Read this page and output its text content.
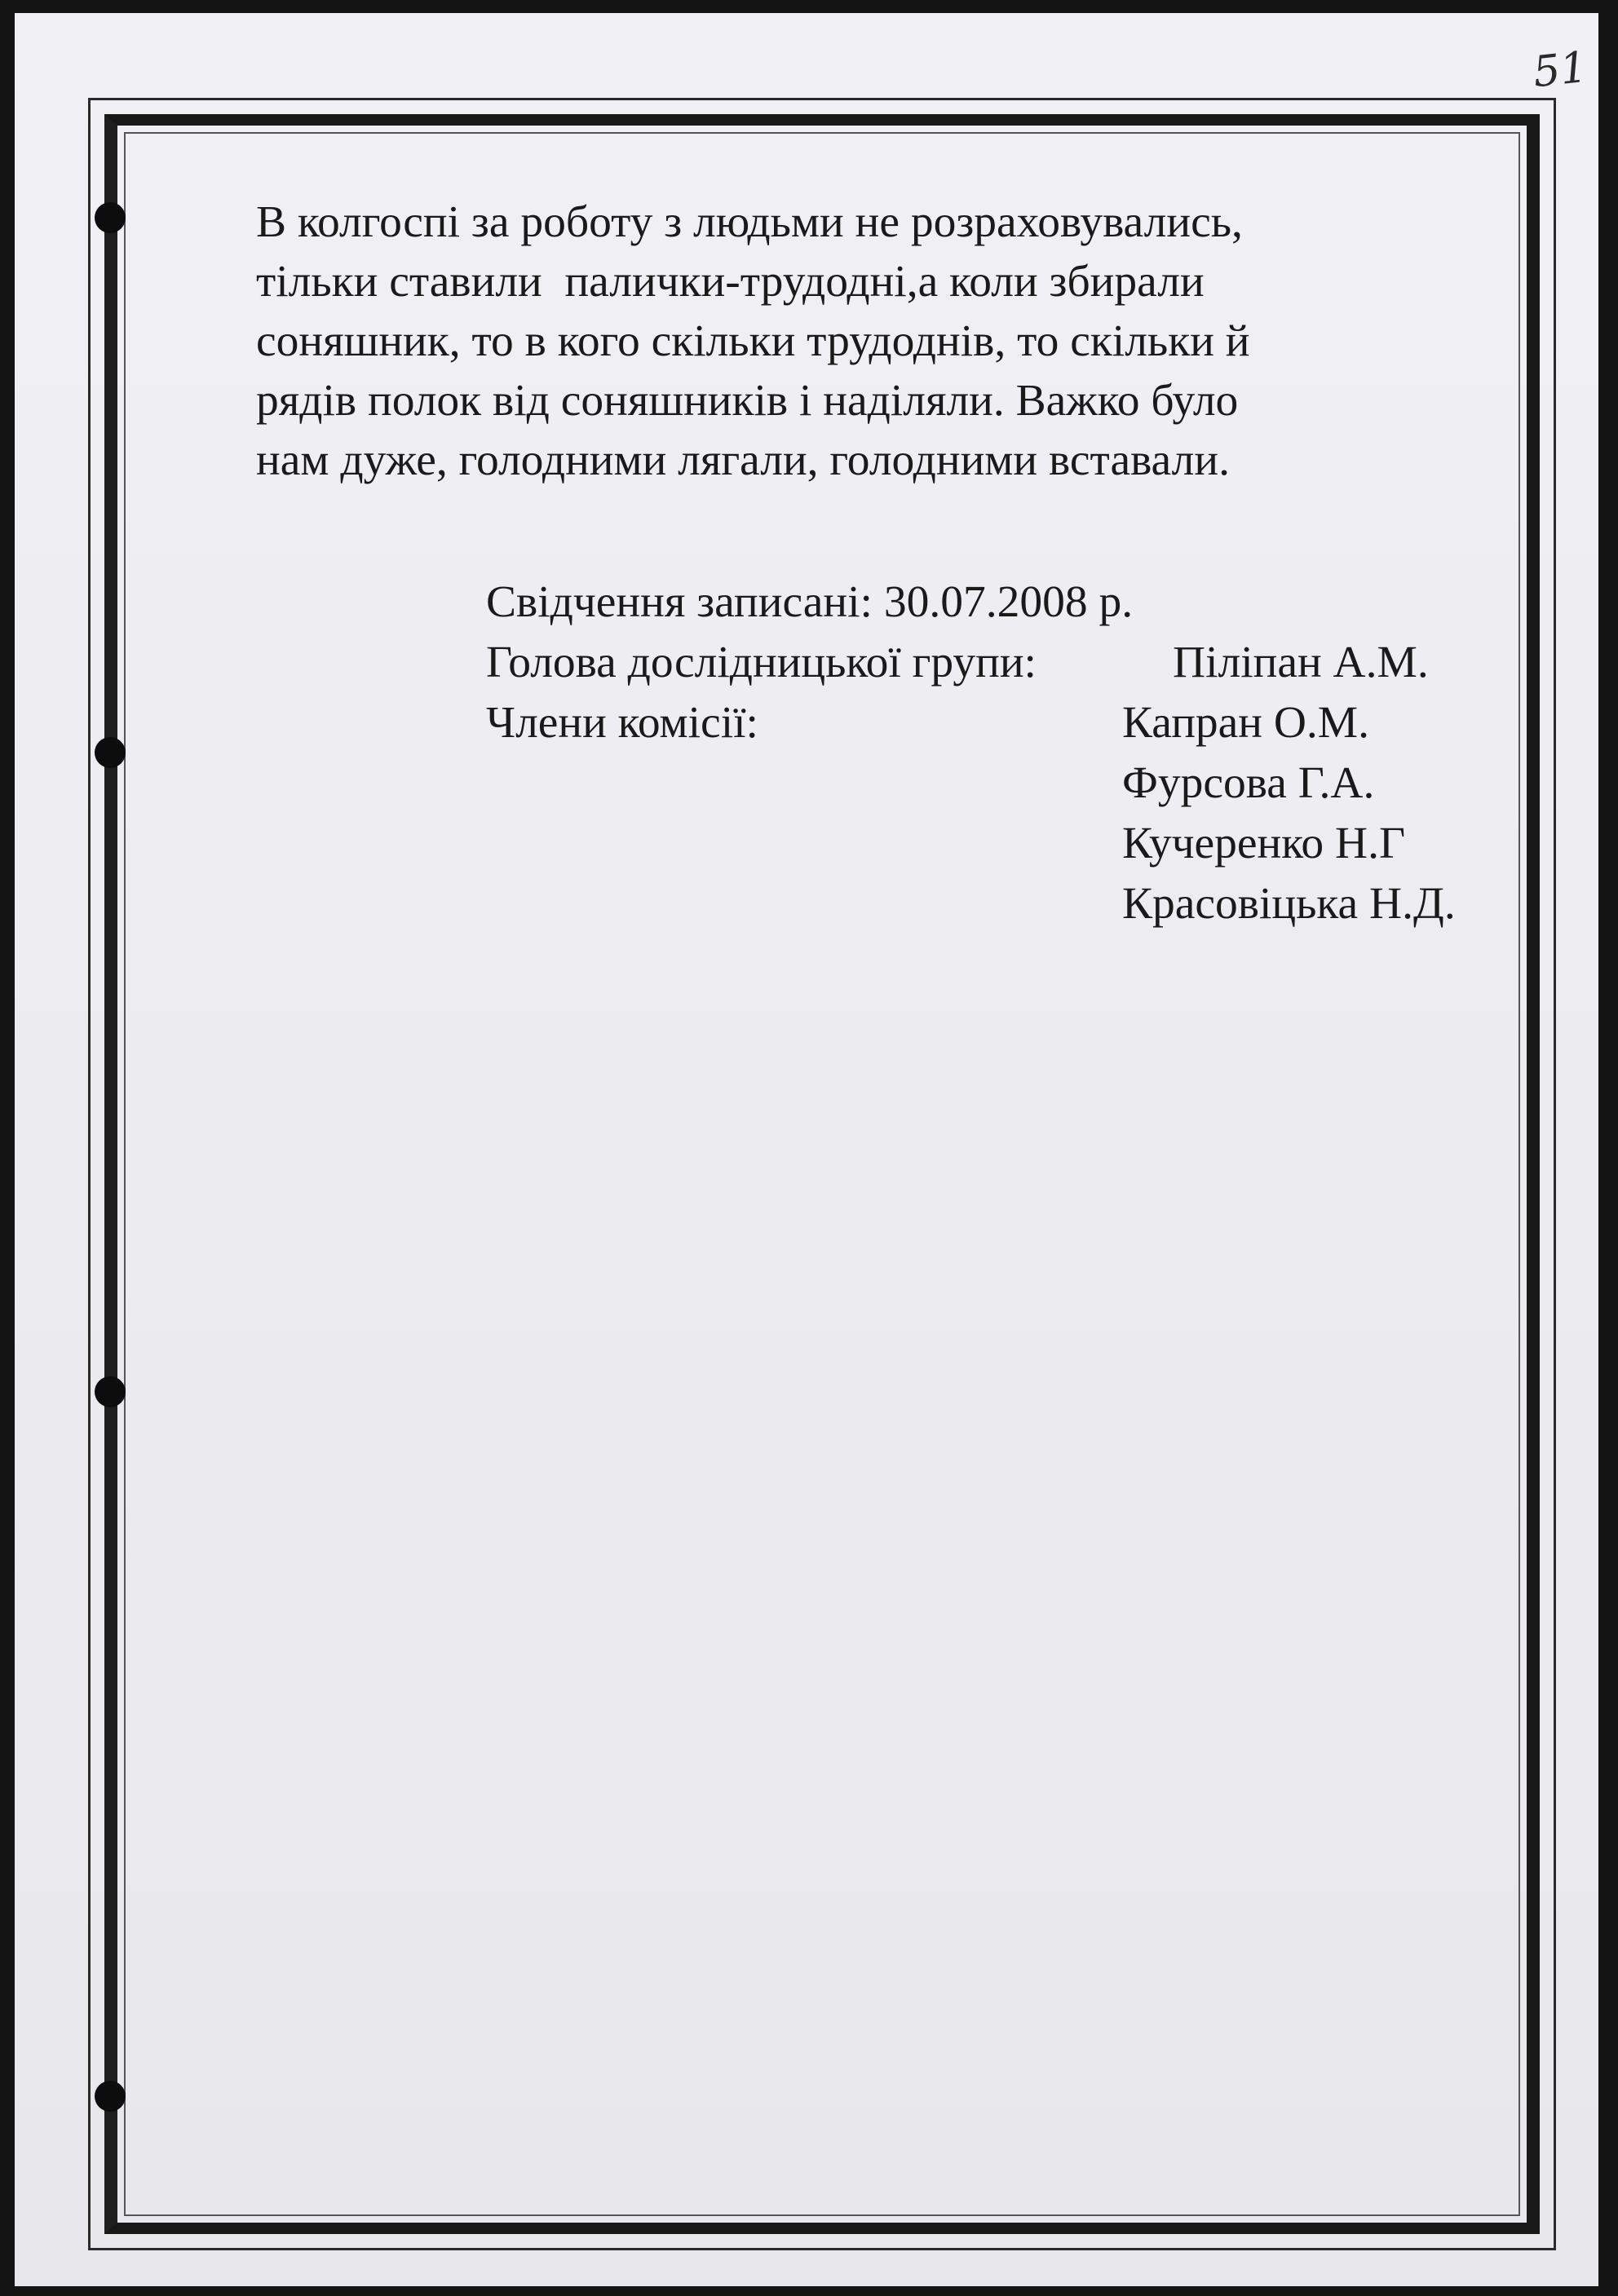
51
В колгоспі за роботу з людьми не розраховувались,
тільки ставили  палички-трудодні,а коли збирали
соняшник, то в кого скільки трудоднів, то скільки й
рядів полок від соняшників і наділяли. Важко було
нам дуже, голодними лягали, голодними вставали.

Свідчення записані: 30.07.2008 р.

Голова дослідницької групи:

	Піліпан А.М.

Члени комісії:

	Капран О.М.

Фурсова Г.А.

Кучеренко Н.Г

Красовіцька Н.Д.
